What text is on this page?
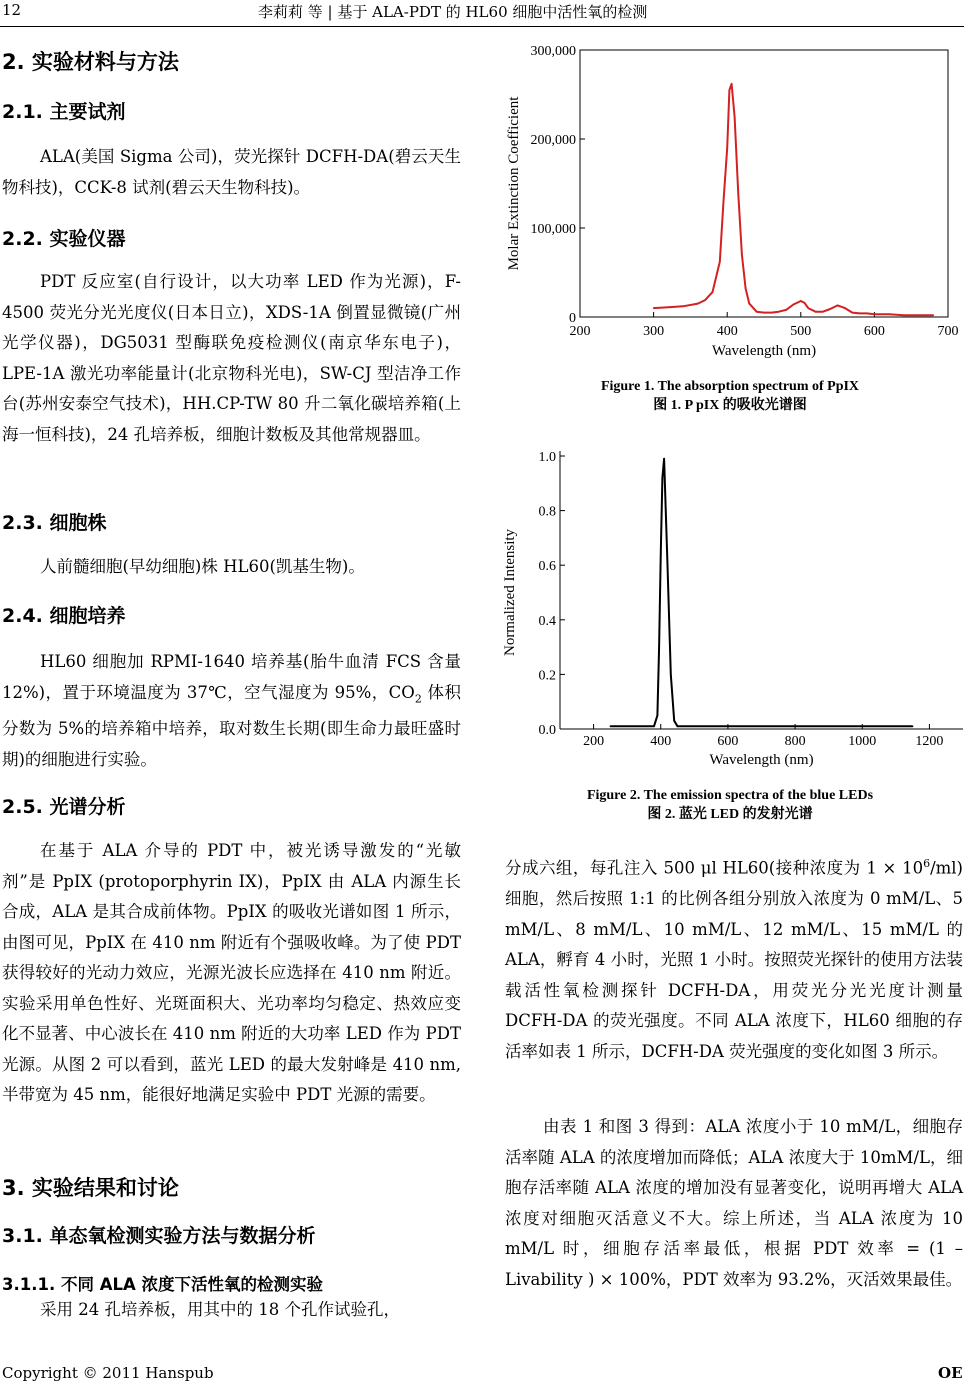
12	李莉莉 等 | 基于 ALA-PDT 的 HL60 细胞中活性氧的检测
2. 实验材料与方法
2.1. 主要试剂
ALA(美国 Sigma 公司)，荧光探针 DCFH-DA(碧云天生物科技)，CCK-8 试剂(碧云天生物科技)。
2.2. 实验仪器
PDT 反应室(自行设计，以大功率 LED 作为光源)，F-4500 荧光分光光度仪(日本日立)，XDS-1A 倒置显微镜(广州光学仪器)，DG5031 型酶联免疫检测仪(南京华东电子)， LPE-1A 激光功率能量计(北京物科光电)，SW-CJ 型洁净工作台(苏州安泰空气技术)，HH.CP-TW 80 升二氧化碳培养箱(上海一恒科技)，24 孔培养板，细胞计数板及其他常规器皿。
2.3. 细胞株
人前髓细胞(早幼细胞)株 HL60(凯基生物)。
2.4. 细胞培养
HL60 细胞加 RPMI-1640 培养基(胎牛血清 FCS 含量 12%)，置于环境温度为 37℃，空气湿度为 95%，$CO_2$ 体积分数为 5%的培养箱中培养，取对数生长期(即生命力最旺盛时期)的细胞进行实验。
2.5. 光谱分析
在基于 ALA 介导的 PDT 中，被光诱导激发的“光敏剂”是 PpIX (protoporphyrin IX)，PpIX 由 ALA 内源生长合成，ALA 是其合成前体物。PpIX 的吸收光谱如图 1 所示，由图可见，PpIX 在 410 nm 附近有个强吸收峰。为了使 PDT 获得较好的光动力效应，光源光波长应选择在 410 nm 附近。实验采用单色性好、光斑面积大、光功率均匀稳定、热效应变化不显著、中心波长在 410 nm 附近的大功率 LED 作为 PDT 光源。从图 2 可以看到，蓝光 LED 的最大发射峰是 410 nm,半带宽为 45 nm，能很好地满足实验中 PDT 光源的需要。
3. 实验结果和讨论
3.1. 单态氧检测实验方法与数据分析
3.1.1. 不同 ALA 浓度下活性氧的检测实验
采用 24 孔培养板，用其中的 18 个孔作试验孔，
0
100,000
200,000
300,000
200	300	400	500	600	700
Wavelength (nm)
Molar Extinction Coefficient
Figure 1. The absorption spectrum of PpIX
图 1. P pIX 的吸收光谱图
0.0
0.2
0.4
0.6
0.8
1.0
200	400	600	800	1000	1200
Wavelength (nm)
Normalized Intensity
Figure 2. The emission spectra of the blue LEDs
图 2. 蓝光 LED 的发射光谱
分成六组，每孔注入 500 μl HL60(接种浓度为 $1 \times 10^6/ml$)细胞，然后按照 1:1 的比例各组分别放入浓度为 0 mM/L、5 mM/L、8 mM/L、10 mM/L、12 mM/L、15 mM/L 的 ALA，孵育 4 小时，光照 1 小时。按照荧光探针的使用方法装载活性氧检测探针 DCFH-DA，用荧光分光光度计测量 DCFH-DA 的荧光强度。不同 ALA 浓度下，HL60 细胞的存活率如表 1 所示，DCFH-DA 荧光强度的变化如图 3 所示。
由表 1 和图 3 得到：ALA 浓度小于 10 mM/L，细胞存活率随 ALA 的浓度增加而降低；ALA 浓度大于 10mM/L，细胞存活率随 ALA 浓度的增加没有显著变化，说明再增大 ALA 浓度对细胞灭活意义不大。综上所述，当 ALA 浓度为 10 mM/L 时，细胞存活率最低，根据 PDT 效率 = (1 – Livability ) × 100%，PDT 效率为 93.2%，灭活效果最佳。
Copyright © 2011 Hanspub	OE
